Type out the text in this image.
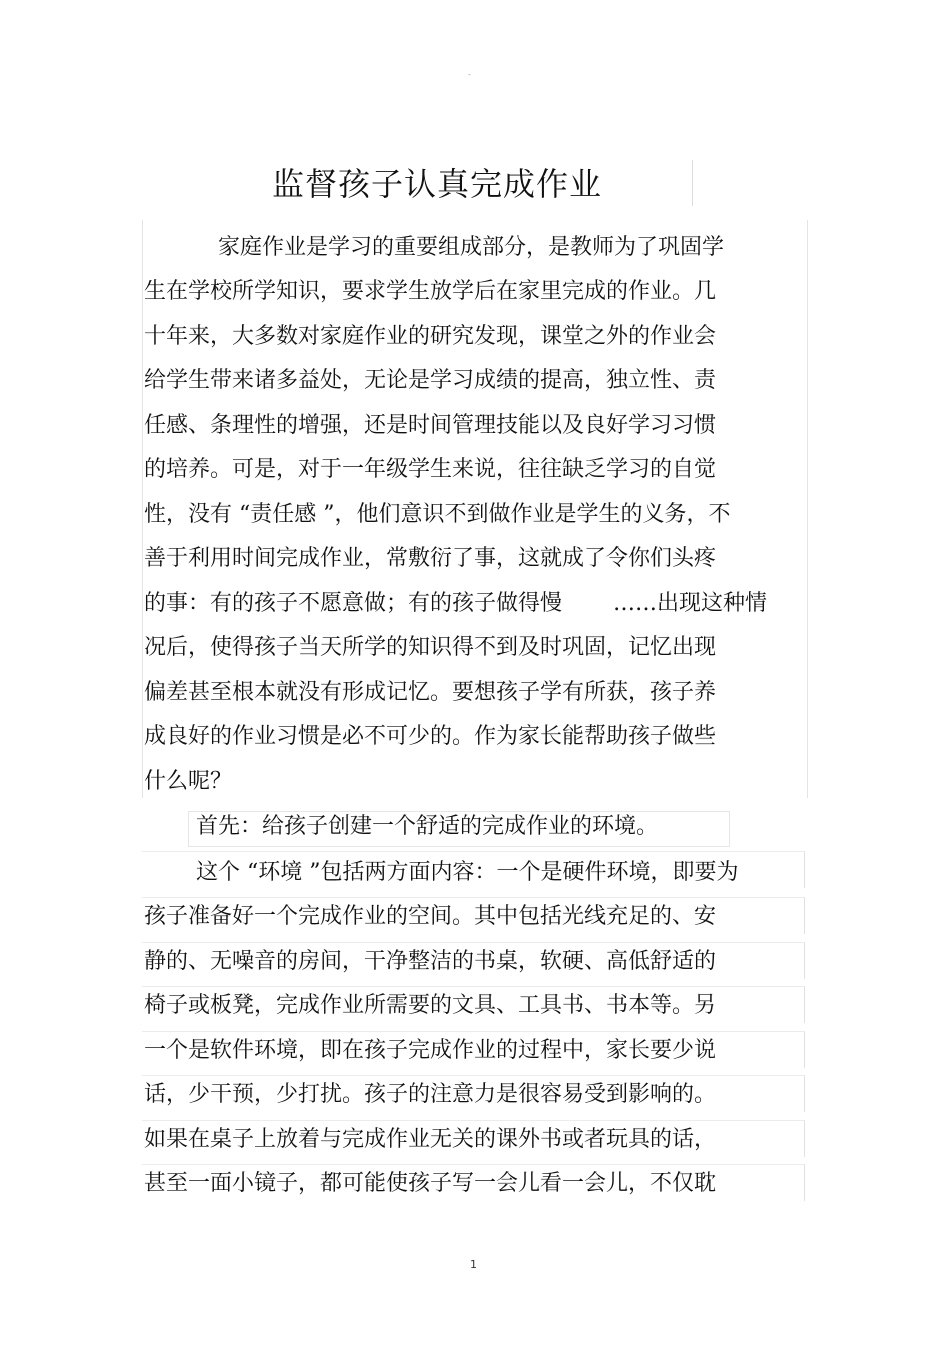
-
监督孩子认真完成作业
家庭作业是学习的重要组成部分，是教师为了巩固学
生在学校所学知识，要求学生放学后在家里完成的作业。几
十年来，大多数对家庭作业的研究发现，课堂之外的作业会
给学生带来诸多益处，无论是学习成绩的提高，独立性、责
任感、条理性的增强，还是时间管理技能以及良好学习习惯
的培养。可是，对于一年级学生来说，往往缺乏学习的自觉
性，没有 “责任感 ”，他们意识不到做作业是学生的义务，不
善于利用时间完成作业，常敷衍了事，这就成了令你们头疼
的事：有的孩子不愿意做；有的孩子做得慢　　 ……出现这种情
况后，使得孩子当天所学的知识得不到及时巩固，记忆出现
偏差甚至根本就没有形成记忆。要想孩子学有所获，孩子养
成良好的作业习惯是必不可少的。作为家长能帮助孩子做些
什么呢？
首先：给孩子创建一个舒适的完成作业的环境。
这个 “环境 ”包括两方面内容：一个是硬件环境，即要为
孩子准备好一个完成作业的空间。其中包括光线充足的、安
静的、无噪音的房间，干净整洁的书桌，软硬、高低舒适的
椅子或板凳，完成作业所需要的文具、工具书、书本等。另
一个是软件环境，即在孩子完成作业的过程中，家长要少说
话，少干预，少打扰。孩子的注意力是很容易受到影响的。
如果在桌子上放着与完成作业无关的课外书或者玩具的话，
甚至一面小镜子，都可能使孩子写一会儿看一会儿，不仅耽
1
